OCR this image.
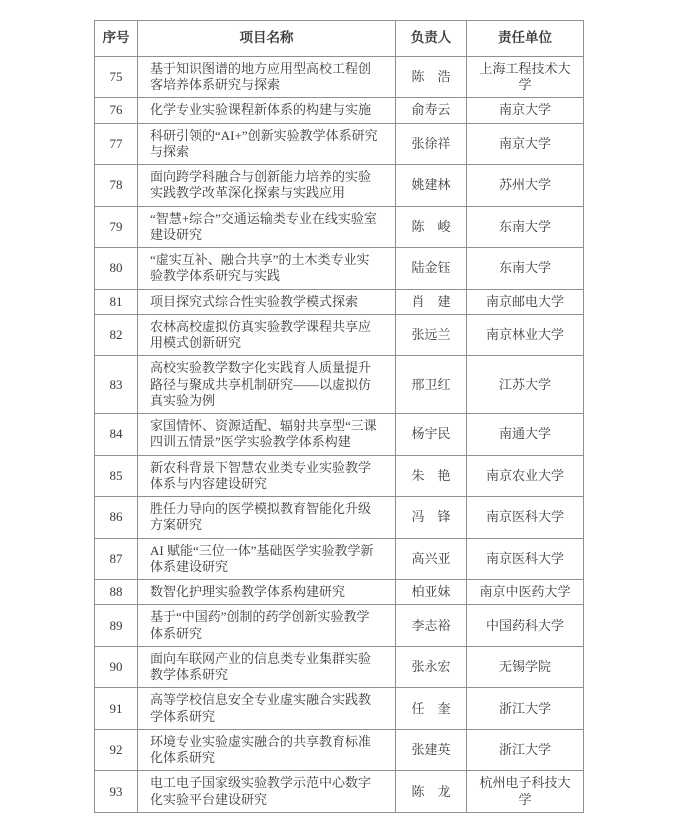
序号	项目名称	负责人	责任单位
75	基于知识图谱的地方应用型高校工程创客培养体系研究与探索	陈　浩	上海工程技术大学
76	化学专业实验课程新体系的构建与实施	俞寿云	南京大学
77	科研引领的“AI+”创新实验教学体系研究与探索	张徐祥	南京大学
78	面向跨学科融合与创新能力培养的实验实践教学改革深化探索与实践应用	姚建林	苏州大学
79	“智慧+综合”交通运输类专业在线实验室建设研究	陈　峻	东南大学
80	“虚实互补、融合共享”的土木类专业实验教学体系研究与实践	陆金钰	东南大学
81	项目探究式综合性实验教学模式探索	肖　建	南京邮电大学
82	农林高校虚拟仿真实验教学课程共享应用模式创新研究	张远兰	南京林业大学
83	高校实验教学数字化实践育人质量提升路径与聚成共享机制研究——以虚拟仿真实验为例	邢卫红	江苏大学
84	家国情怀、资源适配、辐射共享型“三课四训五情景”医学实验教学体系构建	杨宇民	南通大学
85	新农科背景下智慧农业类专业实验教学体系与内容建设研究	朱　艳	南京农业大学
86	胜任力导向的医学模拟教育智能化升级方案研究	冯　锋	南京医科大学
87	AI 赋能“三位一体”基础医学实验教学新体系建设研究	高兴亚	南京医科大学
88	数智化护理实验教学体系构建研究	柏亚妹	南京中医药大学
89	基于“中国药”创制的药学创新实验教学体系研究	李志裕	中国药科大学
90	面向车联网产业的信息类专业集群实验教学体系研究	张永宏	无锡学院
91	高等学校信息安全专业虚实融合实践教学体系研究	任　奎	浙江大学
92	环境专业实验虚实融合的共享教育标准化体系研究	张建英	浙江大学
93	电工电子国家级实验教学示范中心数字化实验平台建设研究	陈　龙	杭州电子科技大学
